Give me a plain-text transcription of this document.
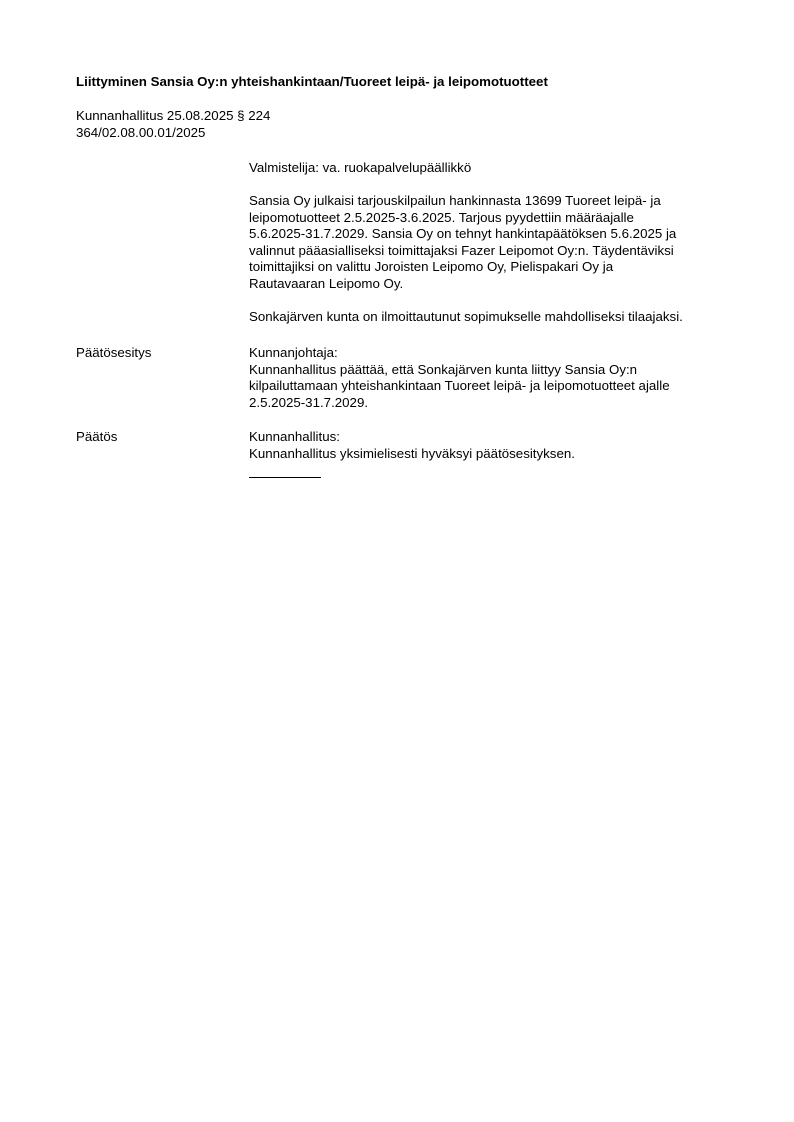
Liittyminen Sansia Oy:n yhteishankintaan/Tuoreet leipä- ja leipomotuotteet
Kunnanhallitus 25.08.2025 § 224
364/02.08.00.01/2025
Valmistelija: va. ruokapalvelupäällikkö
Sansia Oy julkaisi tarjouskilpailun hankinnasta 13699 Tuoreet leipä- ja
leipomotuotteet 2.5.2025-3.6.2025. Tarjous pyydettiin määräajalle
5.6.2025-31.7.2029. Sansia Oy on tehnyt hankintapäätöksen 5.6.2025 ja
valinnut pääasialliseksi toimittajaksi Fazer Leipomot Oy:n. Täydentäviksi
toimittajiksi on valittu Joroisten Leipomo Oy, Pielispakari Oy ja
Rautavaaran Leipomo Oy.
Sonkajärven kunta on ilmoittautunut sopimukselle mahdolliseksi tilaajaksi.
Päätösesitys	Kunnanjohtaja:
Kunnanhallitus päättää, että Sonkajärven kunta liittyy Sansia Oy:n
kilpailuttamaan yhteishankintaan Tuoreet leipä- ja leipomotuotteet ajalle
2.5.2025-31.7.2029.
Päätös	Kunnanhallitus:
Kunnanhallitus yksimielisesti hyväksyi päätösesityksen.
